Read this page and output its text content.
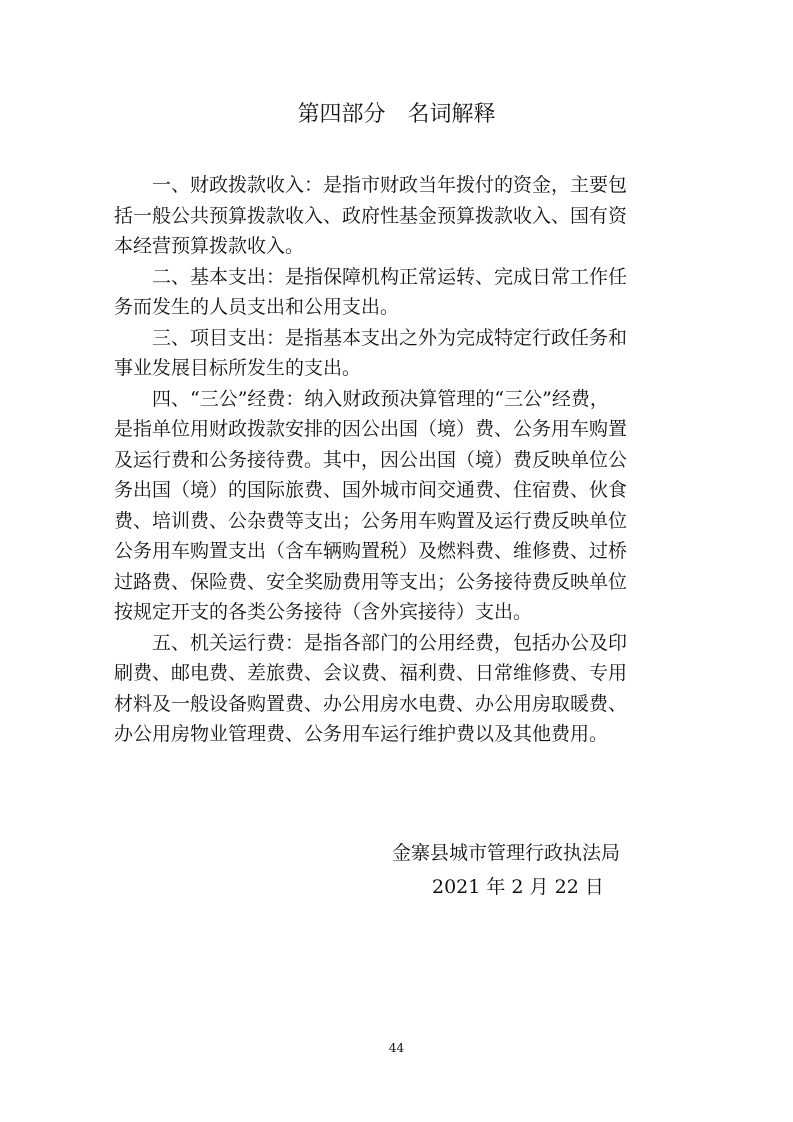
第四部分　名词解释

　　一、财政拨款收入：是指市财政当年拨付的资金，主要包
括一般公共预算拨款收入、政府性基金预算拨款收入、国有资
本经营预算拨款收入。

　　二、基本支出：是指保障机构正常运转、完成日常工作任
务而发生的人员支出和公用支出。

　　三、项目支出：是指基本支出之外为完成特定行政任务和
事业发展目标所发生的支出。

　　四、“三公”经费：纳入财政预决算管理的“三公”经费，
是指单位用财政拨款安排的因公出国（境）费、公务用车购置
及运行费和公务接待费。其中，因公出国（境）费反映单位公
务出国（境）的国际旅费、国外城市间交通费、住宿费、伙食
费、培训费、公杂费等支出；公务用车购置及运行费反映单位
公务用车购置支出（含车辆购置税）及燃料费、维修费、过桥
过路费、保险费、安全奖励费用等支出；公务接待费反映单位
按规定开支的各类公务接待（含外宾接待）支出。

　　五、机关运行费：是指各部门的公用经费，包括办公及印
刷费、邮电费、差旅费、会议费、福利费、日常维修费、专用
材料及一般设备购置费、办公用房水电费、办公用房取暖费、
办公用房物业管理费、公务用车运行维护费以及其他费用。

金寨县城市管理行政执法局
2021 年 2 月 22 日
44
